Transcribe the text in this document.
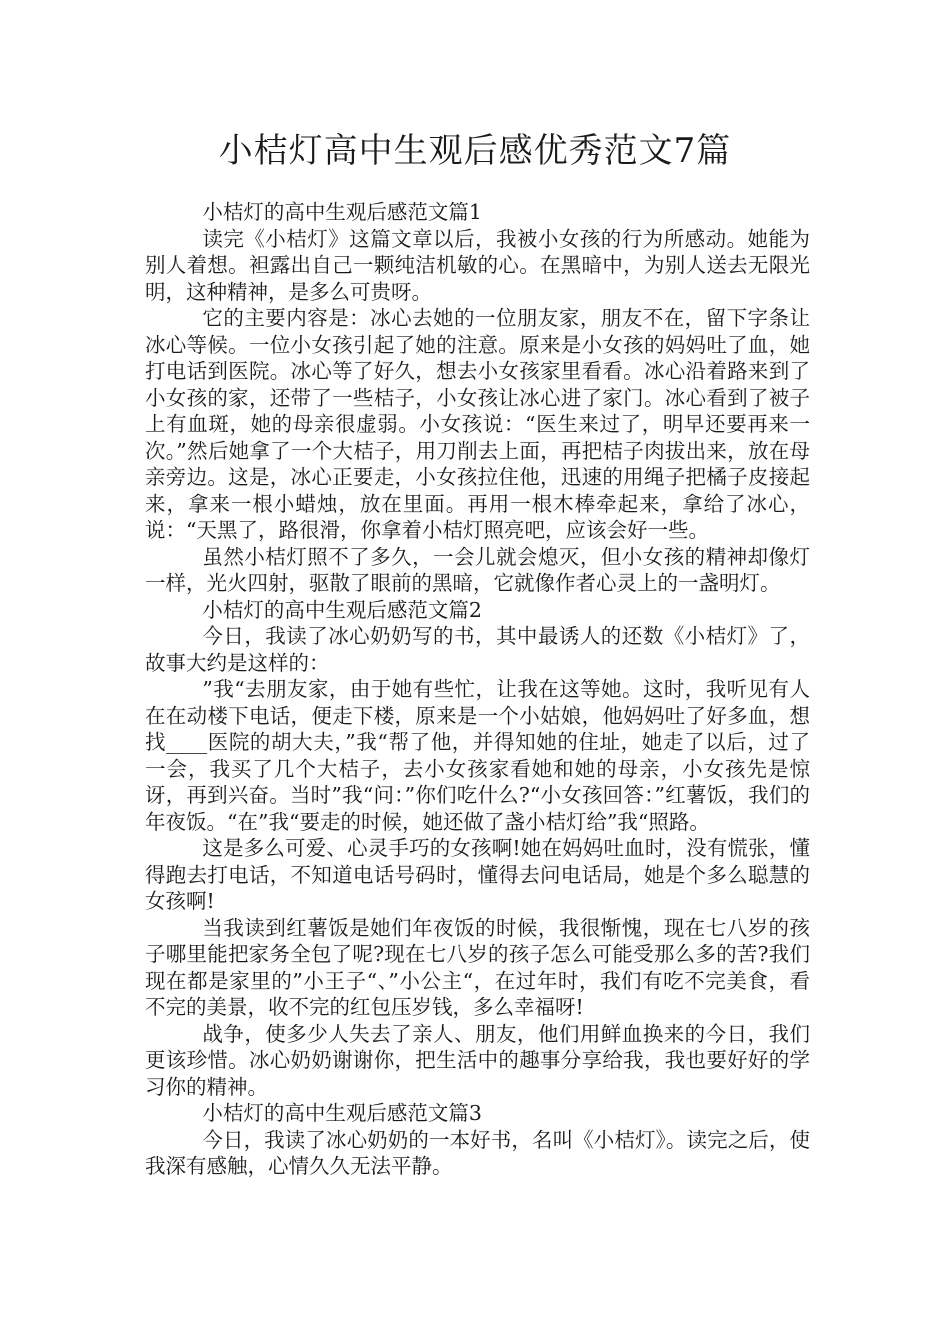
小桔灯高中生观后感优秀范文7篇

小桔灯的高中生观后感范文篇1

读完《小桔灯》这篇文章以后，我被小女孩的行为所感动。她能为别人着想。袒露出自己一颗纯洁机敏的心。在黑暗中，为别人送去无限光明，这种精神，是多么可贵呀。

它的主要内容是：冰心去她的一位朋友家，朋友不在，留下字条让冰心等候。一位小女孩引起了她的注意。原来是小女孩的妈妈吐了血，她打电话到医院。冰心等了好久，想去小女孩家里看看。冰心沿着路来到了小女孩的家，还带了一些桔子，小女孩让冰心进了家门。冰心看到了被子上有血斑，她的母亲很虚弱。小女孩说：“医生来过了，明早还要再来一次。”然后她拿了一个大桔子，用刀削去上面，再把桔子肉拔出来，放在母亲旁边。这是，冰心正要走，小女孩拉住他，迅速的用绳子把橘子皮接起来，拿来一根小蜡烛，放在里面。再用一根木棒牵起来，拿给了冰心，说：“天黑了，路很滑，你拿着小桔灯照亮吧，应该会好一些。

虽然小桔灯照不了多久，一会儿就会熄灭，但小女孩的精神却像灯一样，光火四射，驱散了眼前的黑暗，它就像作者心灵上的一盏明灯。

小桔灯的高中生观后感范文篇2

今日，我读了冰心奶奶写的书，其中最诱人的还数《小桔灯》了，故事大约是这样的：

”我“去朋友家，由于她有些忙，让我在这等她。这时，我听见有人在在动楼下电话，便走下楼，原来是一个小姑娘，他妈妈吐了好多血，想找____医院的胡大夫，”我“帮了他，并得知她的住址，她走了以后，过了一会，我买了几个大桔子，去小女孩家看她和她的母亲，小女孩先是惊讶，再到兴奋。当时”我“问：”你们吃什么?“小女孩回答：”红薯饭，我们的年夜饭。“在”我“要走的时候，她还做了盏小桔灯给”我“照路。

这是多么可爱、心灵手巧的女孩啊!她在妈妈吐血时，没有慌张，懂得跑去打电话，不知道电话号码时，懂得去问电话局，她是个多么聪慧的女孩啊!

当我读到红薯饭是她们年夜饭的时候，我很惭愧，现在七八岁的孩子哪里能把家务全包了呢?现在七八岁的孩子怎么可能受那么多的苦?我们现在都是家里的”小王子“、”小公主“，在过年时，我们有吃不完美食，看不完的美景，收不完的红包压岁钱，多么幸福呀!

战争，使多少人失去了亲人、朋友，他们用鲜血换来的今日，我们更该珍惜。冰心奶奶谢谢你，把生活中的趣事分享给我，我也要好好的学习你的精神。

小桔灯的高中生观后感范文篇3

今日，我读了冰心奶奶的一本好书，名叫《小桔灯》。读完之后，使我深有感触，心情久久无法平静。
